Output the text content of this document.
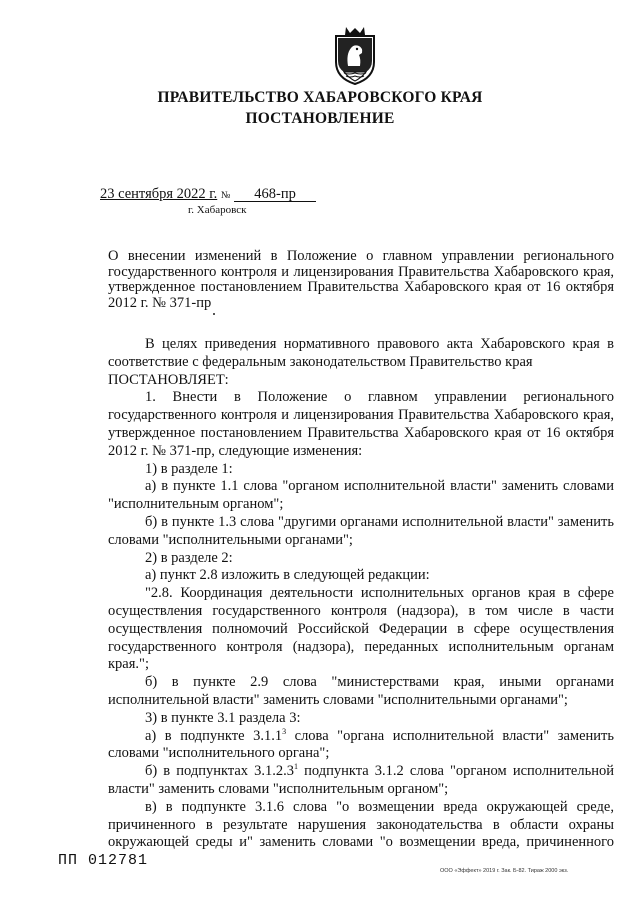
ПРАВИТЕЛЬСТВО ХАБАРОВСКОГО КРАЯ
ПОСТАНОВЛЕНИЕ
23 сентября 2022 г. № 468-пр
г. Хабаровск
О внесении изменений в Положение о главном управлении регионального государственного контроля и лицензирования Правительства Хабаровского края, утвержденное постановлением Правительства Хабаровского края от 16 октября 2012 г. № 371-пр

В целях приведения нормативного правового акта Хабаровского края в соответствие с федеральным законодательством Правительство края

ПОСТАНОВЛЯЕТ:

1. Внести в Положение о главном управлении регионального государственного контроля и лицензирования Правительства Хабаровского края, утвержденное постановлением Правительства Хабаровского края от 16 октября 2012 г. № 371-пр, следующие изменения:

1) в разделе 1:

а) в пункте 1.1 слова "органом исполнительной власти" заменить словами "исполнительным органом";

б) в пункте 1.3 слова "другими органами исполнительной власти" заменить словами "исполнительными органами";

2) в разделе 2:

а) пункт 2.8 изложить в следующей редакции:

"2.8. Координация деятельности исполнительных органов края в сфере осуществления государственного контроля (надзора), в том числе в части осуществления полномочий Российской Федерации в сфере осуществления государственного контроля (надзора), переданных исполнительным органам края.";

б) в пункте 2.9 слова "министерствами края, иными органами исполнительной власти" заменить словами "исполнительными органами";

3) в пункте 3.1 раздела 3:

а) в подпункте 3.1.1$^3$ слова "органа исполнительной власти" заменить словами "исполнительного органа";

б) в подпунктах 3.1.2.3$^1$ подпункта 3.1.2 слова "органом исполнительной власти" заменить словами "исполнительным органом";

в) в подпункте 3.1.6 слова "о возмещении вреда окружающей среде, причиненного в результате нарушения законодательства в области охраны окружающей среды и" заменить словами "о возмещении вреда, причиненного

ПП 012781
ООО «Эффект» 2019 г. Зак. Б-82. Тираж 2000 экз.
